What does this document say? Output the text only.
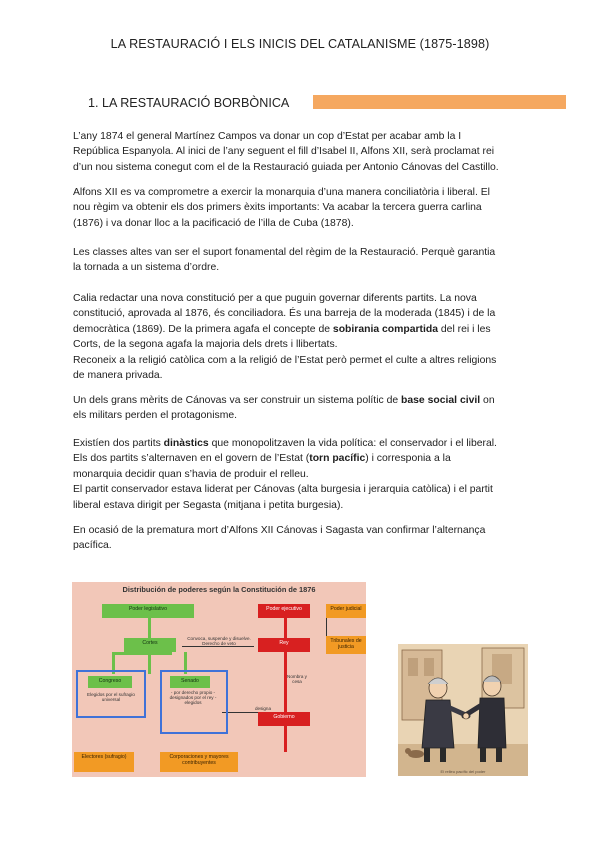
LA RESTAURACIÓ I ELS INICIS DEL CATALANISME (1875-1898)
1. LA RESTAURACIÓ BORBÒNICA
L’any 1874 el general Martínez Campos va donar un cop d’Estat per acabar amb la I
República Espanyola. Al inici de l’any seguent el fill d’Isabel II, Alfons XII, serà proclamat rei
d’un nou sistema conegut com el de la Restauració guiada per Antonio Cánovas del Castillo.
Alfons XII es va comprometre a exercir la monarquia d’una manera conciliatòria i liberal. El
nou règim va obtenir els dos primers èxits importants: Va acabar la tercera guerra carlina
(1876) i va donar lloc a la pacificació de l’illa de Cuba (1878).
Les classes altes van ser el suport fonamental del règim de la Restauració. Perquè garantia
la tornada a un sistema d’ordre.
Calia redactar una nova constitució per a que puguin governar diferents partits. La nova
constitució, aprovada al 1876, és conciliadora. És una barreja de la moderada (1845) i de la
democràtica (1869). De la primera agafa el concepte de sobirania compartida del rei i les
Corts, de la segona agafa la majoria dels drets i llibertats.
Reconeix a la religió catòlica com a la religió de l’Estat però permet el culte a altres religions
de manera privada.
Un dels grans mèrits de Cánovas va ser construir un sistema polític de base social civil on
els militars perden el protagonisme.
Existíen dos partits dinàstics que monopolitzaven la vida política: el conservador i el liberal.
Els dos partits s’alternaven en el govern de l’Estat (torn pacífic) i corresponia a la
monarquia decidir quan s’havia de produir el relleu.
El partit conservador estava liderat per Cánovas (alta burgesia i jerarquia catòlica) i el partit
liberal estava dirigit per Segasta (mitjana i petita burgesia).
En ocasió de la prematura mort d’Alfons XII Cánovas i Sagasta van confirmar l’alternança
pacífica.
Distribución de poderes según la Constitución de 1876
Poder legislativo	Poder ejecutivo	Poder judicial
Cortes
Convoca, suspende y disuelve. Derecho de veto	Rey	Tribunales de justicia
Congreso
Elegidos por el sufragio universal
Senado
- por derecho propio - designados por el rey - elegidos
Nombra y cesa
designa
Gobierno
Electores (sufragio)	Corporaciones y mayores contribuyentes
El relleu pacífic del poder
